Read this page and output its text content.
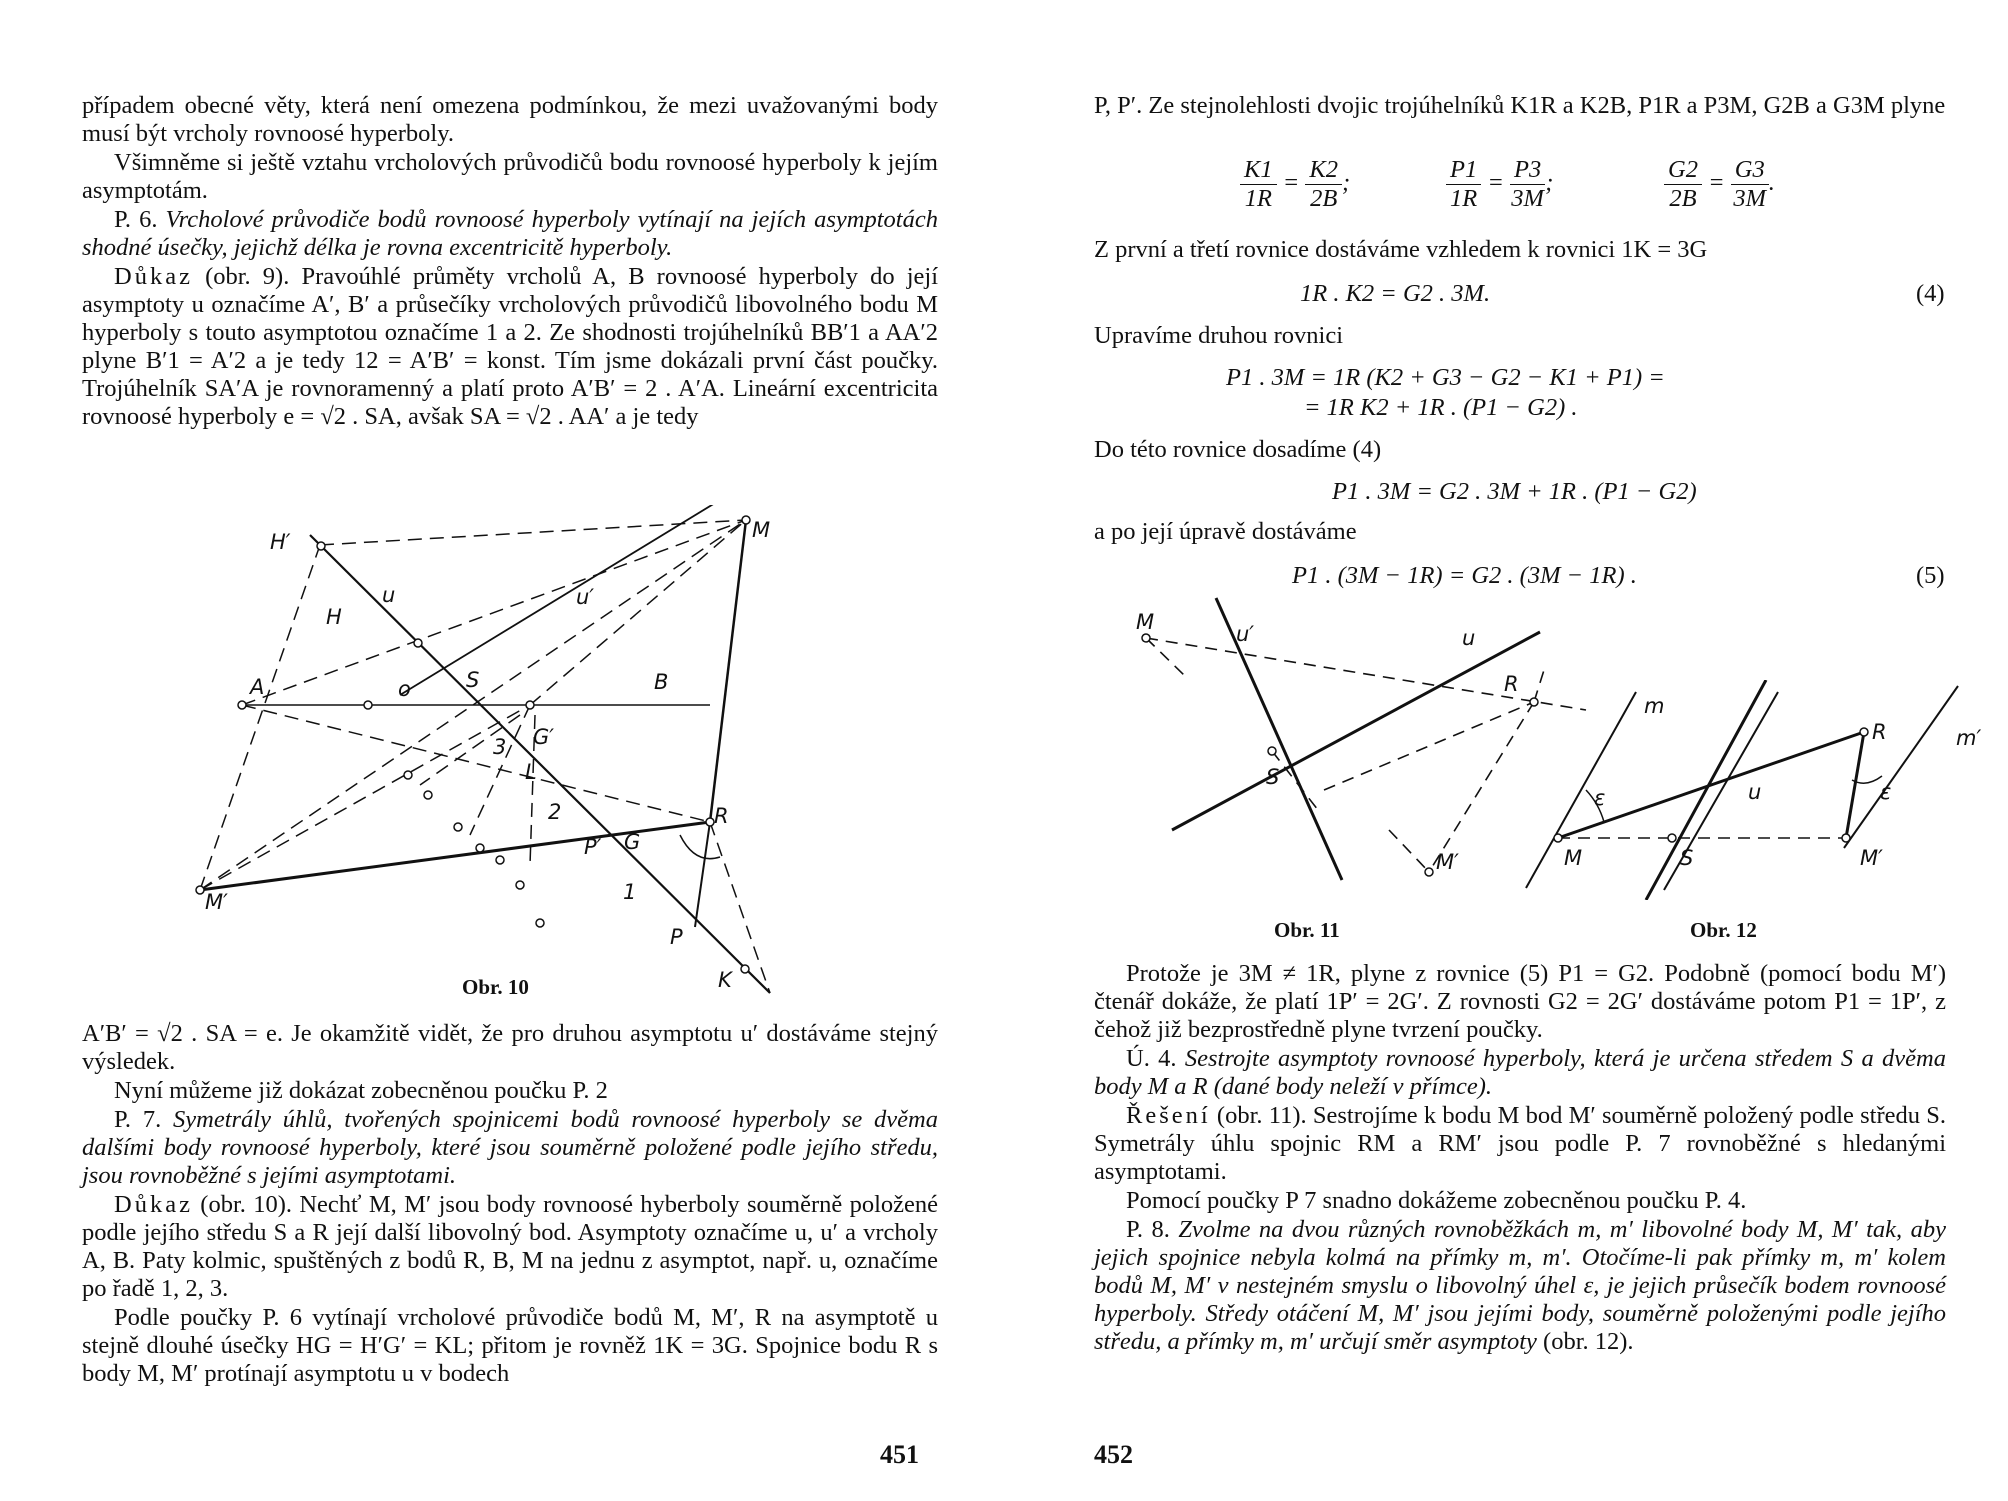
případem obecné věty, která není omezena podmínkou, že mezi uvažovanými body musí být vrcholy rovnoosé hyperboly.

Všimněme si ještě vztahu vrcholových průvodičů bodu rovnoosé hyperboly k jejím asymptotám.

P. 6. Vrcholové průvodiče bodů rovnoosé hyperboly vytínají na jejích asymptotách shodné úsečky, jejichž délka je rovna excentricitě hyperboly.

Důkaz (obr. 9). Pravoúhlé průměty vrcholů A, B rovnoosé hyperboly do její asymptoty u označíme A′, B′ a průsečíky vrcholových průvodičů libovolného bodu M hyperboly s touto asymptotou označíme 1 a 2. Ze shodnosti trojúhelníků BB′1 a AA′2 plyne B′1 = A′2 a je tedy 12 = A′B′ = konst. Tím jsme dokázali první část poučky. Trojúhelník SA′A je rovnoramenný a platí proto A′B′ = 2 . A′A. Lineární excentricita rovnoosé hyperboly e = √2 . SA, avšak SA = √2 . AA′ a je tedy

H′
H
u	u′
M
A	o	S	B
3 G′
L
2
P′ G
R
M′	1
P
K
Obr. 10

A′B′ = √2 . SA = e. Je okamžitě vidět, že pro druhou asymptotu u′ dostáváme stejný výsledek.

Nyní můžeme již dokázat zobecněnou poučku P. 2

P. 7. Symetrály úhlů, tvořených spojnicemi bodů rovnoosé hyperboly se dvěma dalšími body rovnoosé hyperboly, které jsou souměrně položené podle jejího středu, jsou rovnoběžné s jejími asymptotami.

Důkaz (obr. 10). Nechť M, M′ jsou body rovnoosé hyberboly souměrně položené podle jejího středu S a R její další libovolný bod. Asymptoty označíme u, u′ a vrcholy A, B. Paty kolmic, spuštěných z bodů R, B, M na jednu z asymptot, např. u, označíme po řadě 1, 2, 3.

Podle poučky P. 6 vytínají vrcholové průvodiče bodů M, M′, R na asymptotě u stejně dlouhé úsečky HG = H′G′ = KL; přitom je rovněž 1K = 3G. Spojnice bodu R s body M, M′ protínají asymptotu u v bodech

451

P, P′. Ze stejnolehlosti dvojic trojúhelníků K1R a K2B, P1R a P3M, G2B a G3M plyne

$\frac{K1}{1R} = \frac{K2}{2B}$ ;	$\frac{P1}{1R} = \frac{P3}{3M}$ ;	$\frac{G2}{2B} = \frac{G3}{3M}$ .
Z první a třetí rovnice dostáváme vzhledem k rovnici 1K = 3G
1R . K2 = G2 . 3M.	(4)
Upravíme druhou rovnici
P1 . 3M = 1R (K2 + G3 − G2 − K1 + P1) =
= 1R K2 + 1R . (P1 − G2) .
Do této rovnice dosadíme (4)
P1 . 3M = G2 . 3M + 1R . (P1 − G2)
a po její úpravě dostáváme
P1 . (3M − 1R) = G2 . (3M − 1R) .	(5)
M	u′	u
R
S
M′
m
R	m′
ε	u	ε
M	S	M′
Obr. 11	Obr. 12

Protože je 3M ≠ 1R, plyne z rovnice (5) P1 = G2. Podobně (pomocí bodu M′) čtenář dokáže, že platí 1P′ = 2G′. Z rovnosti G2 = 2G′ dostáváme potom P1 = 1P′, z čehož již bezprostředně plyne tvrzení poučky.

Ú. 4. Sestrojte asymptoty rovnoosé hyperboly, která je určena středem S a dvěma body M a R (dané body neleží v přímce).

Řešení (obr. 11). Sestrojíme k bodu M bod M′ souměrně položený podle středu S. Symetrály úhlu spojnic RM a RM′ jsou podle P. 7 rovnoběžné s hledanými asymptotami.

Pomocí poučky P 7 snadno dokážeme zobecněnou poučku P. 4.

P. 8. Zvolme na dvou různých rovnoběžkách m, m′ libovolné body M, M′ tak, aby jejich spojnice nebyla kolmá na přímky m, m′. Otočíme-li pak přímky m, m′ kolem bodů M, M′ v nestejném smyslu o libovolný úhel ε, je jejich průsečík bodem rovnoosé hyperboly. Středy otáčení M, M′ jsou jejími body, souměrně položenými podle jejího středu, a přímky m, m′ určují směr asymptoty (obr. 12).

452
